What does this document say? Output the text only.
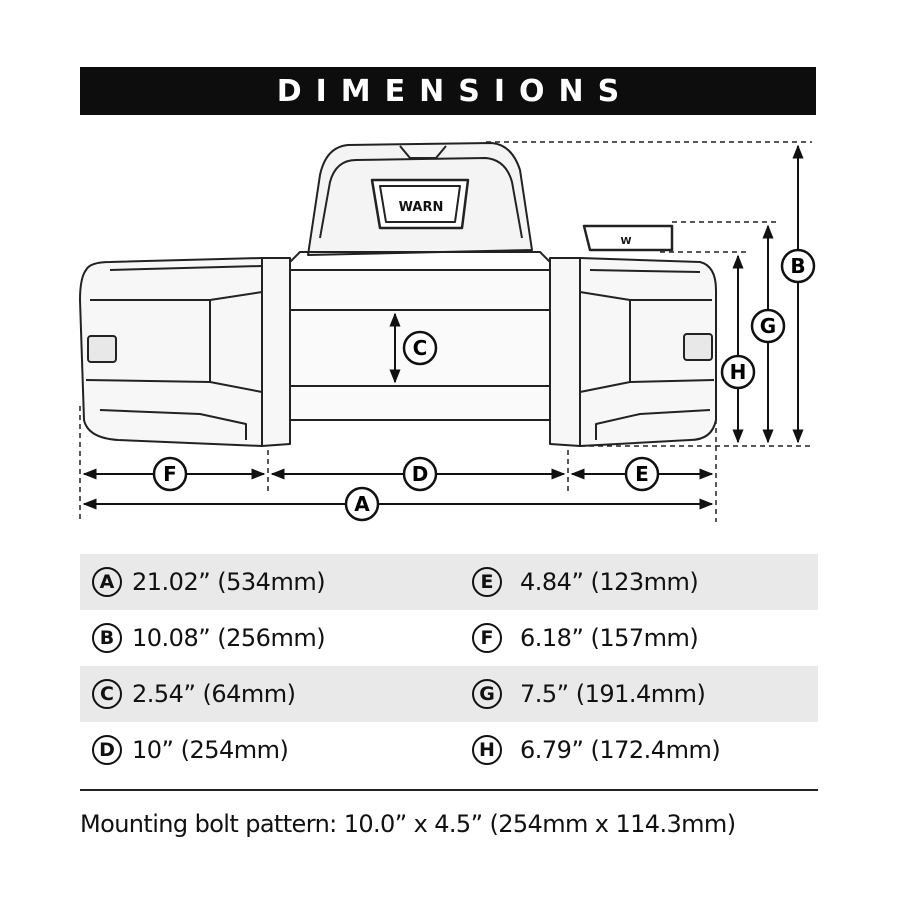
DIMENSIONS
WARN
W
B
G
H
C
F	D	E
A
A 21.02” (534mm)	E	4.84” (123mm)
B 10.08” (256mm)	F	6.18” (157mm)
C 2.54” (64mm)	G	7.5” (191.4mm)
D 10” (254mm)	H 6.79” (172.4mm)
Mounting bolt pattern: 10.0” x 4.5” (254mm x 114.3mm)
